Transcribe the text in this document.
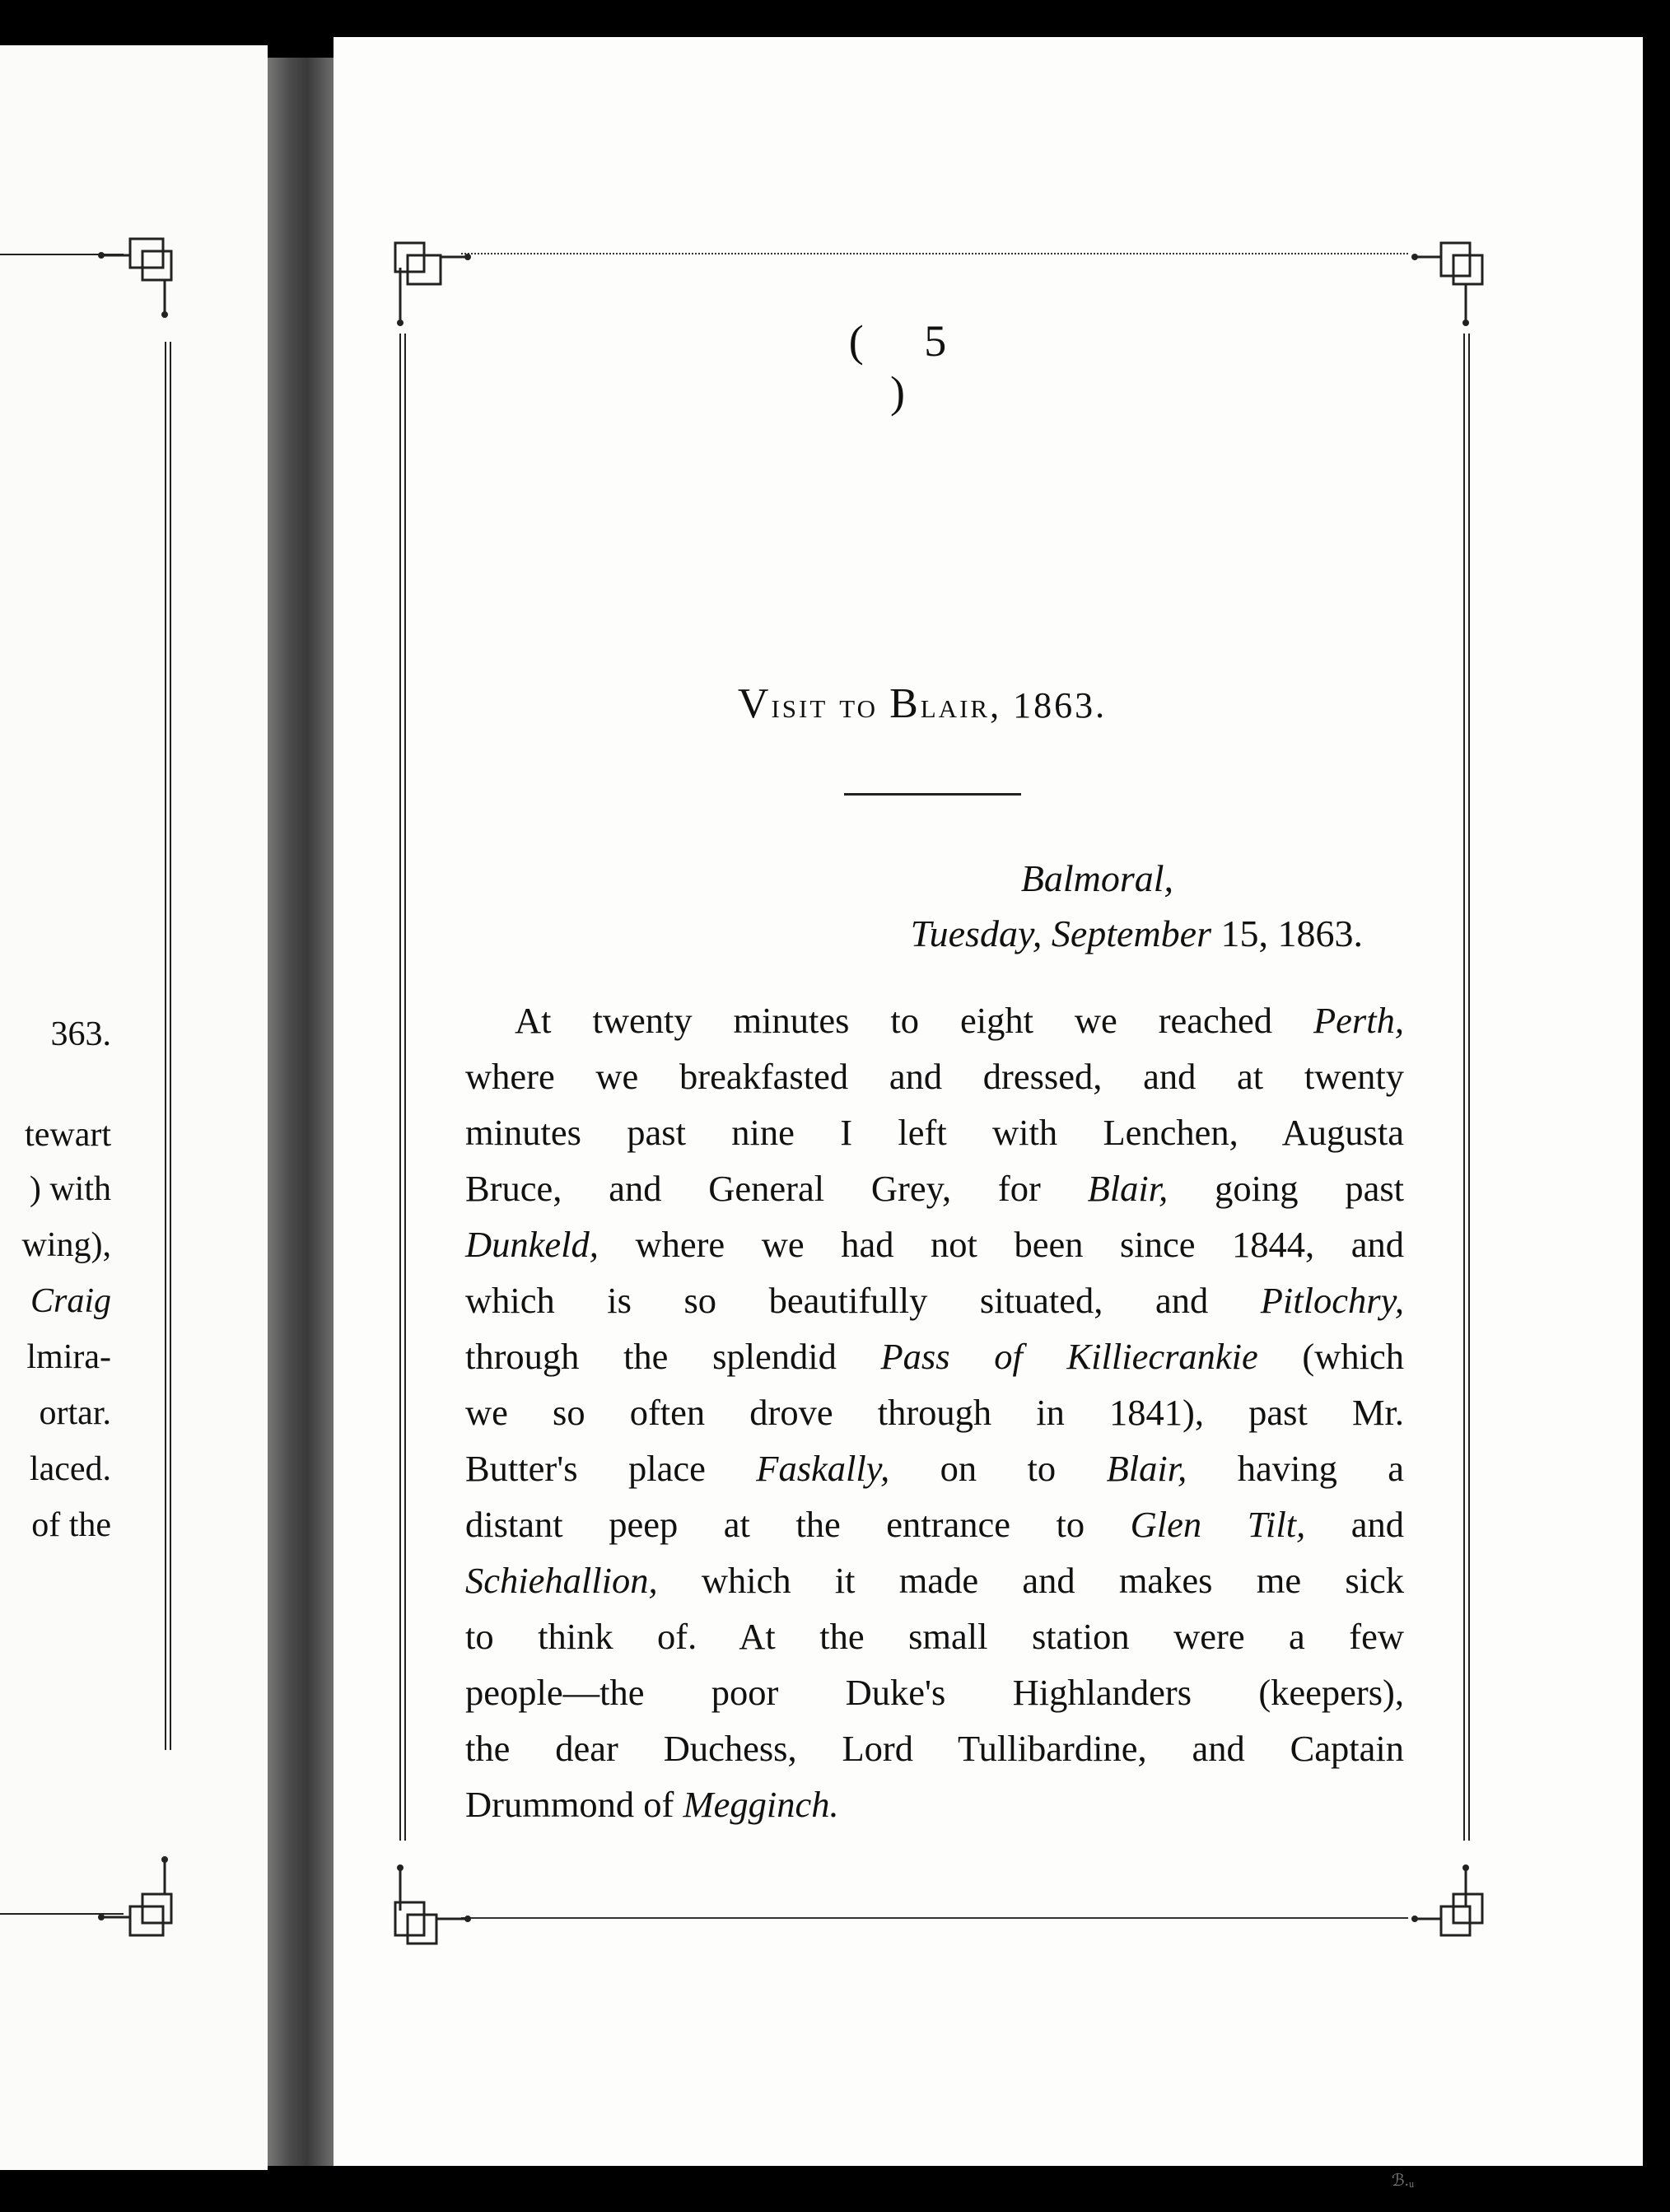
363.
tewart
) with
wing),
Craig
lmira-
ortar.
laced.
of the
( 5 )
Visit to Blair, 1863.
Balmoral,
Tuesday, September 15, 1863.
At twenty minutes to eight we reached Perth,
where we breakfasted and dressed, and at twenty
minutes past nine I left with Lenchen, Augusta
Bruce, and General Grey, for Blair, going past
Dunkeld, where we had not been since 1844, and
which is so beautifully situated, and Pitlochry,
through the splendid Pass of Killiecrankie (which
we so often drove through in 1841), past Mr.
Butter's place Faskally, on to Blair, having a
distant peep at the entrance to Glen Tilt, and
Schiehallion, which it made and makes me sick
to think of. At the small station were a few
people—the poor Duke's Highlanders (keepers),
the dear Duchess, Lord Tullibardine, and Captain
Drummond of Megginch.
ℬ.ᵤ
